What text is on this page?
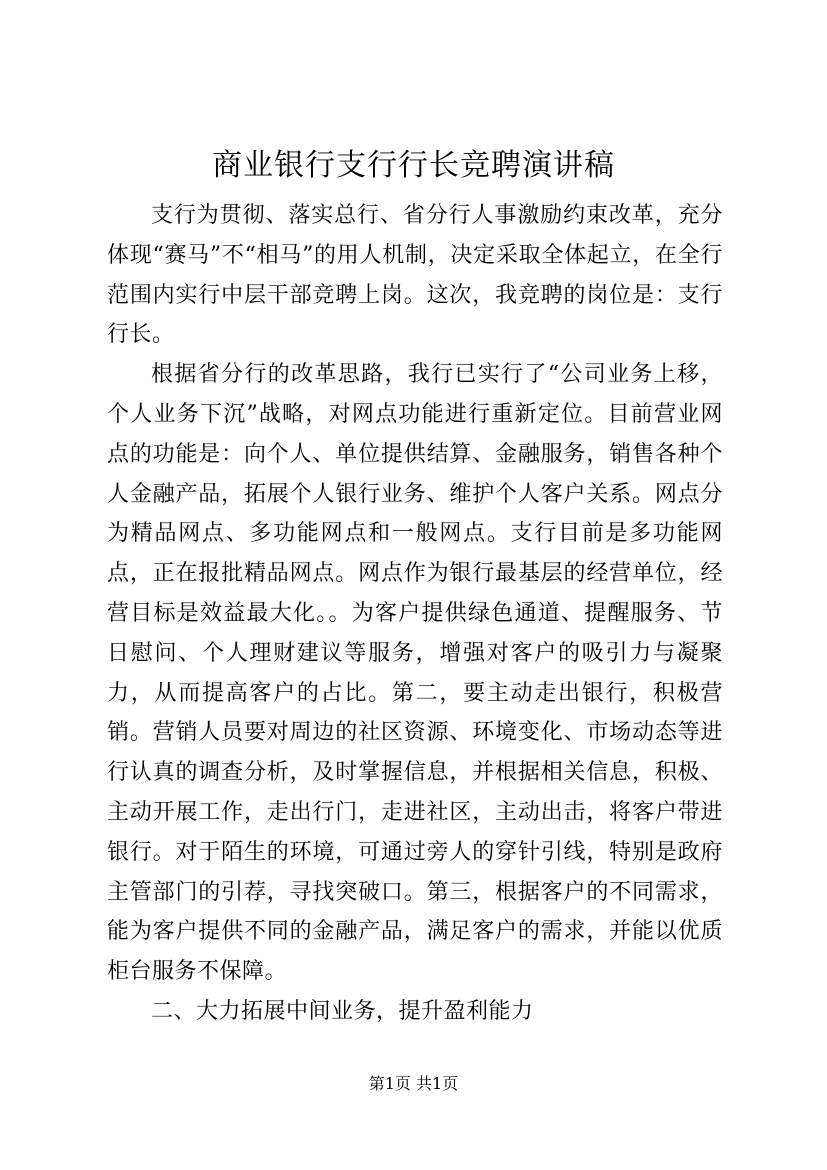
商业银行支行行长竞聘演讲稿

支行为贯彻、落实总行、省分行人事激励约束改革，充分体现“赛马”不“相马”的用人机制，决定采取全体起立，在全行范围内实行中层干部竞聘上岗。这次，我竞聘的岗位是：支行行长。

根据省分行的改革思路，我行已实行了“公司业务上移，个人业务下沉”战略，对网点功能进行重新定位。目前营业网点的功能是：向个人、单位提供结算、金融服务，销售各种个人金融产品，拓展个人银行业务、维护个人客户关系。网点分为精品网点、多功能网点和一般网点。支行目前是多功能网点，正在报批精品网点。网点作为银行最基层的经营单位，经营目标是效益最大化。。为客户提供绿色通道、提醒服务、节日慰问、个人理财建议等服务，增强对客户的吸引力与凝聚力，从而提高客户的占比。第二，要主动走出银行，积极营销。营销人员要对周边的社区资源、环境变化、市场动态等进行认真的调查分析，及时掌握信息，并根据相关信息，积极、主动开展工作，走出行门，走进社区，主动出击，将客户带进银行。对于陌生的环境，可通过旁人的穿针引线，特别是政府主管部门的引荐，寻找突破口。第三，根据客户的不同需求，能为客户提供不同的金融产品，满足客户的需求，并能以优质柜台服务不保障。

二、大力拓展中间业务，提升盈利能力

第1页 共1页
